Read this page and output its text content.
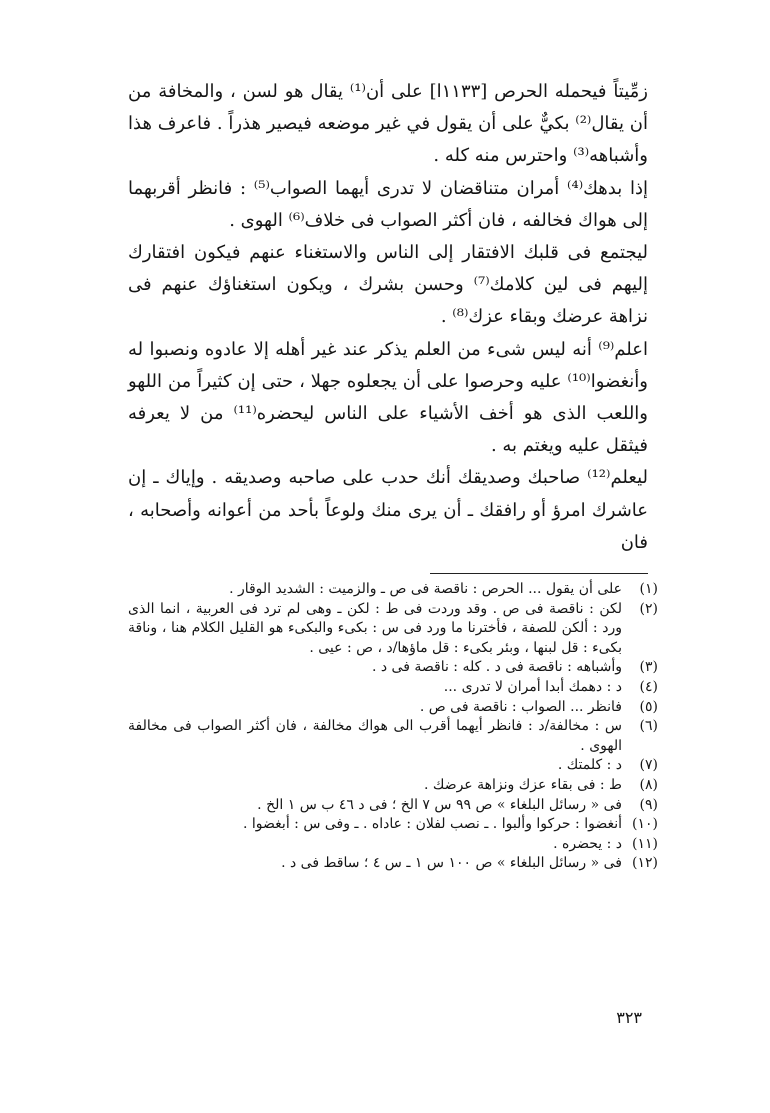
زمِّيتاً فيحمله الحرص [١١٣٣ا] على أن⁽¹⁾ يقال هو لسن ، والمخافة من أن يقال⁽²⁾ بكيٌّ على أن يقول في غير موضعه فيصير هذراً . فاعرف هذا وأشباهه⁽³⁾ واحترس منه كله .

إذا بدهك⁽⁴⁾ أمران متناقضان لا تدرى أيهما الصواب⁽⁵⁾ : فانظر أقربهما إلى هواك فخالفه ، فان أكثر الصواب فى خلاف⁽⁶⁾ الهوى .

ليجتمع فى قلبك الافتقار إلى الناس والاستغناء عنهم فيكون افتقارك إليهم فى لين كلامك⁽⁷⁾ وحسن بشرك ، ويكون استغناؤك عنهم فى نزاهة عرضك وبقاء عزك⁽⁸⁾ .

اعلم⁽⁹⁾ أنه ليس شىء من العلم يذكر عند غير أهله إلا عادوه ونصبوا له وأنغضوا⁽¹⁰⁾ عليه وحرصوا على أن يجعلوه جهلا ، حتى إن كثيراً من اللهو واللعب الذى هو أخف الأشياء على الناس ليحضره⁽¹¹⁾ من لا يعرفه فيثقل عليه ويغتم به .

ليعلم⁽¹²⁾ صاحبك وصديقك أنك حدب على صاحبه وصديقه . وإياك ـ إن عاشرك امرؤ أو رافقك ـ أن يرى منك ولوعاً بأحد من أعوانه وأصحابه ، فان

(١)
على أن يقول ... الحرص : ناقصة فى ص ـ والزميت : الشديد الوقار .
(٢)
لكن : ناقصة فى ص . وقد وردت فى ط : لكن ـ وهى لم ترد فى العربية ، انما الذى ورد : ألكن للصفة ، فأخترنا ما ورد فى س : بكىء والبكىء هو القليل الكلام هنا ، وناقة بكىء : قل لبنها ، وبئر بكىء : قل ماؤها/د ، ص : عيى .
(٣)
وأشباهه : ناقصة فى د . كله : ناقصة فى د .
(٤)
د : دهمك أبدا أمران لا تدرى ...
(٥)
فانظر ... الصواب : ناقصة فى ص .
(٦)
س : مخالفة/د : فانظر أيهما أقرب الى هواك مخالفة ، فان أكثر الصواب فى مخالفة الهوى .
(٧)
د : كلمتك .
(٨)
ط : فى بقاء عزك ونزاهة عرضك .
(٩)
فى « رسائل البلغاء » ص ٩٩ س ٧ الخ ؛ فى د ٤٦ ب س ١ الخ .
(١٠)
أنغضوا : حركوا وألبوا . ـ نصب لفلان : عاداه . ـ وفى س : أبغضوا .
(١١)
د : يحضره .
(١٢)
فى « رسائل البلغاء » ص ١٠٠ س ١ ـ س ٤ ؛ ساقط فى د .
٣٢٣
